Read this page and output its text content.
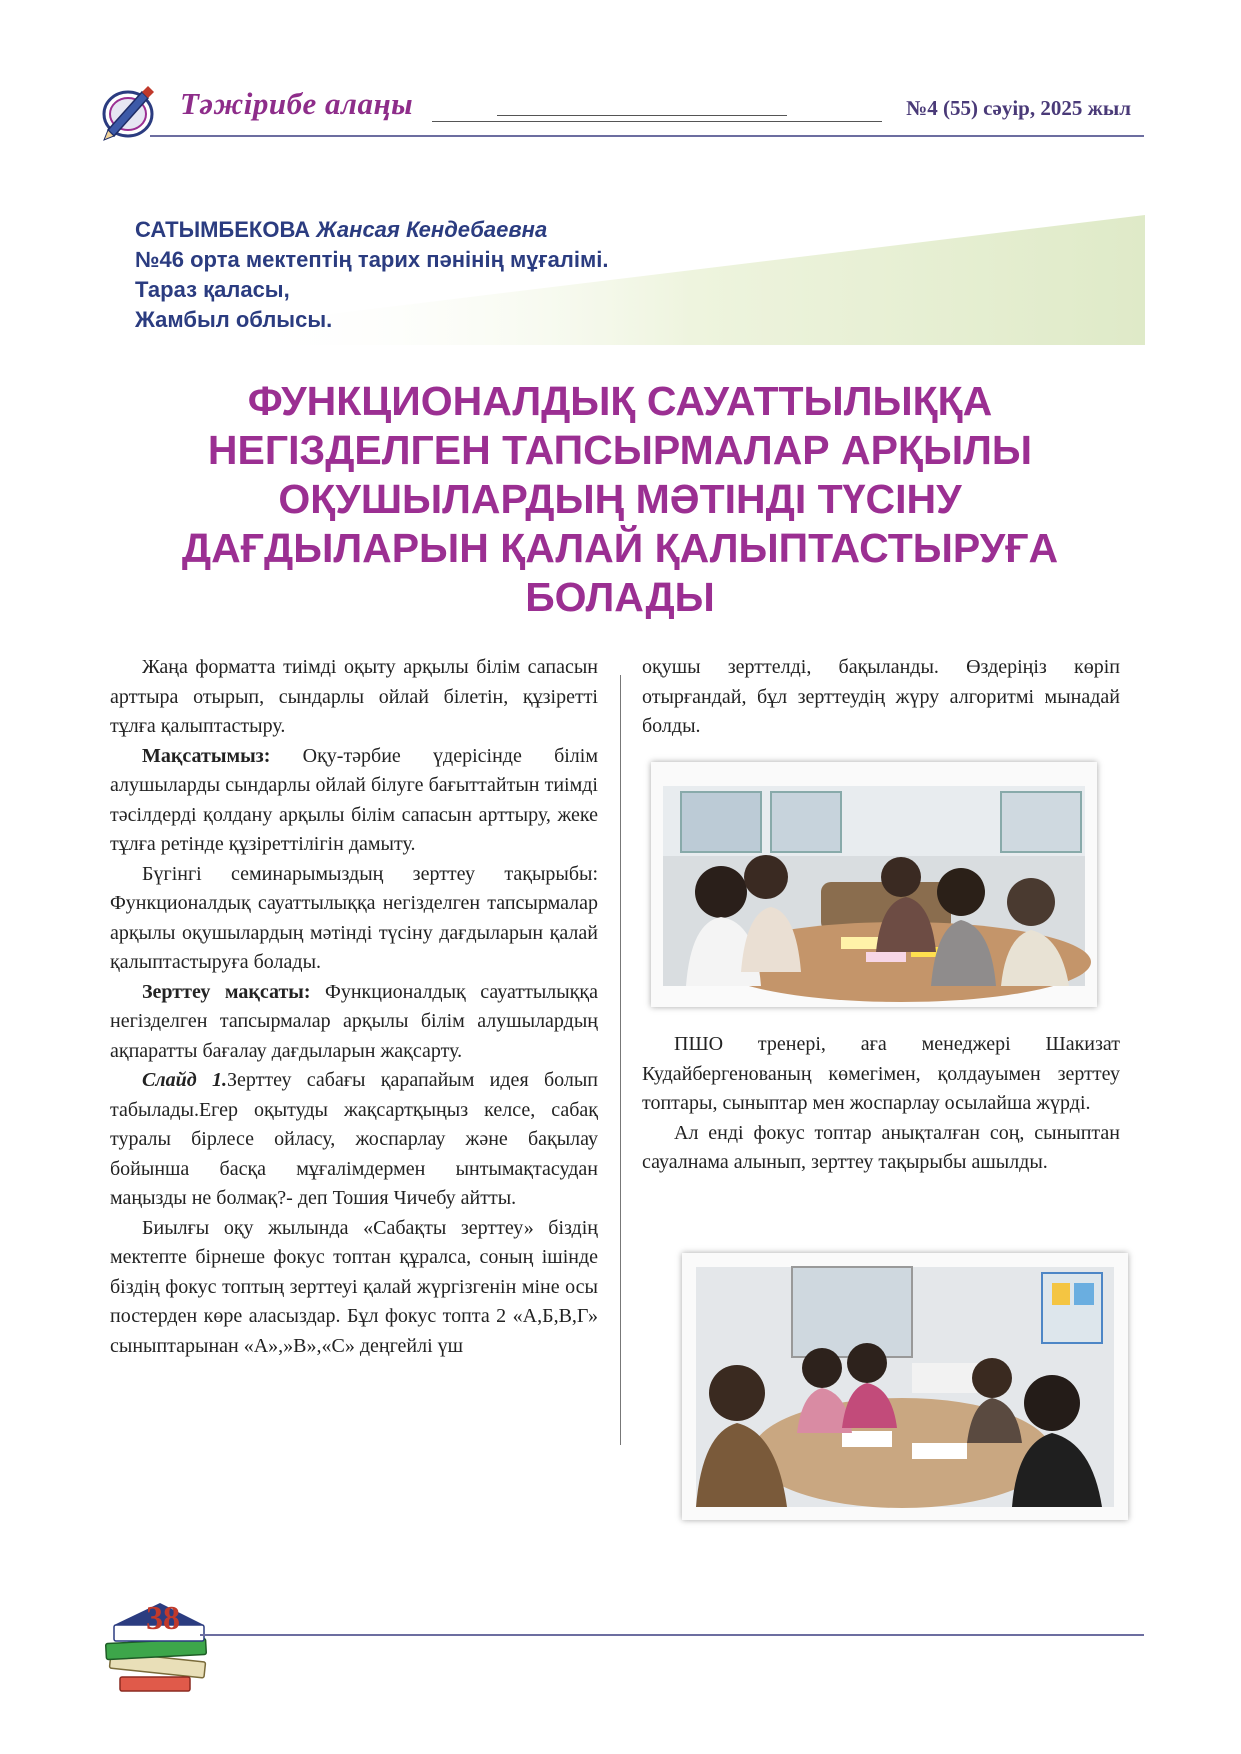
Тәжірибе алаңы	№4 (55) сәуір, 2025 жыл
САТЫМБЕКОВА Жансая Кендебаевна
№46 орта мектептің тарих пәнінің мұғалімі.
Тараз қаласы,
Жамбыл облысы.
ФУНКЦИОНАЛДЫҚ САУАТТЫЛЫҚҚА НЕГІЗДЕЛГЕН ТАПСЫРМАЛАР АРҚЫЛЫ ОҚУШЫЛАРДЫҢ МӘТІНДІ ТҮСІНУ ДАҒДЫЛАРЫН ҚАЛАЙ ҚАЛЫПТАСТЫРУҒА БОЛАДЫ

Жаңа форматта тиімді оқыту арқылы білім сапасын арттыра отырып, сындарлы ойлай білетін, құзіретті тұлға қалыптастыру.

Мақсатымыз: Оқу-тәрбие үдерісінде білім алушыларды сындарлы ойлай білуге бағыттайтын тиімді тәсілдерді қолдану арқылы білім сапасын арттыру, жеке тұлға ретінде құзіреттілігін дамыту.

Бүгінгі семинарымыздың зерттеу тақырыбы: Функционалдық сауаттылыққа негізделген тапсырмалар арқылы оқушылардың мәтінді түсіну дағдыларын қалай қалыптастыруға болады.

Зерттеу мақсаты: Функционалдық сауаттылыққа негізделген тапсырмалар арқылы білім алушылардың ақпаратты бағалау дағдыларын жақсарту.

Слайд 1.Зерттеу сабағы қарапайым идея болып табылады.Егер оқытуды жақсартқыңыз келсе, сабақ туралы бірлесе ойласу, жоспарлау және бақылау бойынша басқа мұғалімдермен ынтымақтасудан маңызды не болмақ?- деп Тошия Чичебу айтты.

Биылғы оқу жылында «Сабақты зерттеу» біздің мектепте бірнеше фокус топтан құралса, соның ішінде біздің фокус топтың зерттеуі қалай жүргізгенін міне осы постерден көре аласыздар. Бұл фокус топта 2 «А,Б,В,Г» сыныптарынан «А»,»В»,«С» деңгейлі үш

оқушы зерттелді, бақыланды. Өздеріңіз көріп отырғандай, бұл зерттеудің жүру алгоритмі мынадай болды.

ПШО тренері, аға менеджері Шакизат Кудайбергенованың көмегімен, қолдауымен зерттеу топтары, сыныптар мен жоспарлау осылайша жүрді.

Ал енді фокус топтар анықталған соң, сыныптан сауалнама алынып, зерттеу тақырыбы ашылды.

38
